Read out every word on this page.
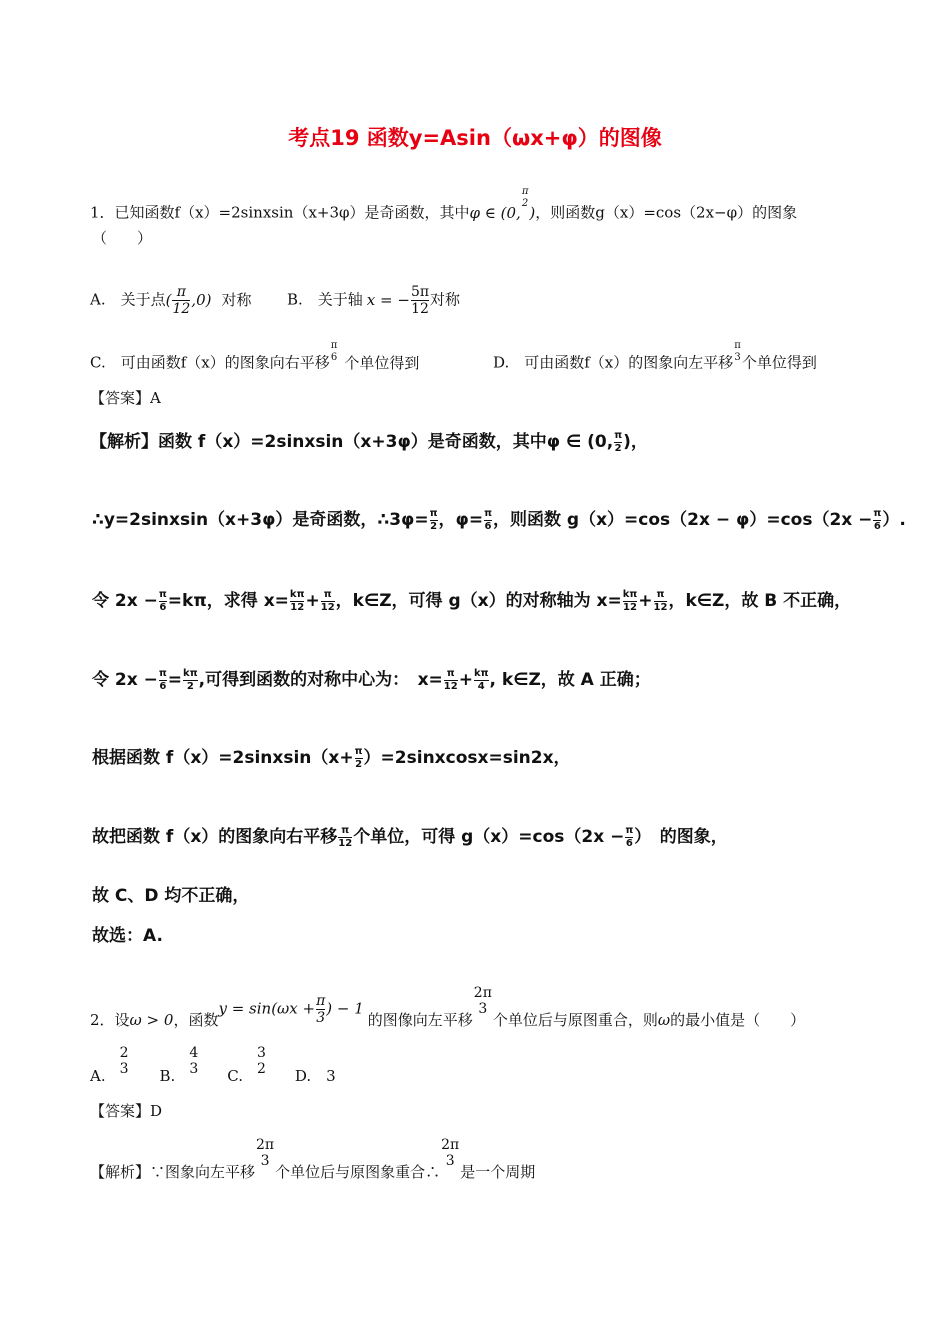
考点19 函数y=Asin（ωx+φ）的图像
1．已知函数f（x）=2sinxsin（x+3φ）是奇函数，其中φ ∈ (0,
π
2
)，则函数g（x）=cos（2x−φ）的图象
（　　）
A.　关于点( $\frac{\pi}{12} ,0$) 对称 B.　关于轴 x = − $\frac{5\pi}{12}$ 对称
C.　可由函数f（x）的图象向右平移
π
6 个单位得到	D.　可由函数f（x）的图象向左平移
π
3 个单位得到
【答案】A
【解析】函数 f（x）=2sinxsin（x+3φ）是奇函数，其中φ ∈ (0, $\frac{\pi}{2}$ )，
∴y=2sinxsin（x+3φ）是奇函数，∴3φ= $\frac{\pi}{2}$ ，$\varphi= \frac{\pi}{6}$ ，则函数 $g(x)=\cos(2x - \varphi)=\cos(2x - \frac{\pi}{6}$ ）.
令 $2x - \frac{\pi}{6} =k\pi$，求得 $x= \frac{k\pi}{12} + \frac{\pi}{12}$ ，k∈Z，可得 g（x）的对称轴为 $x= \frac{k\pi}{12} + \frac{\pi}{12}$ ，k∈Z，故 B 不正确，
令 $2x - \frac{\pi}{6} = \frac{k\pi}{2}$ ,可得到函数的对称中心为：　$x= \frac{\pi}{12} + \frac{k\pi}{4}$ , k∈Z，故 A 正确；
根据函数 f（x）=2sinxsin（x+ $\frac{\pi}{2}$ ）=2sinxcosx=sin2x，
故把函数 f（x）的图象向右平移 $\frac{\pi}{12}$ 个单位，可得 $g(x)=\cos(2x - \frac{\pi}{6}$ ）　的图象，
故 C、D 均不正确，
故选：A.
2．设ω > 0，函数$y = \sin(\omega x + \frac{\pi}{3}$ ) − 1的图像向左平移
2π
3
个单位后与原图重合，则ω的最小值是（　　）
A.
2
3 B.
4
3 C.
3
2 D.　3
【答案】D
【解析】∵图象向左平移
2π
3
个单位后与原图象重合∴
2π
3
是一个周期
